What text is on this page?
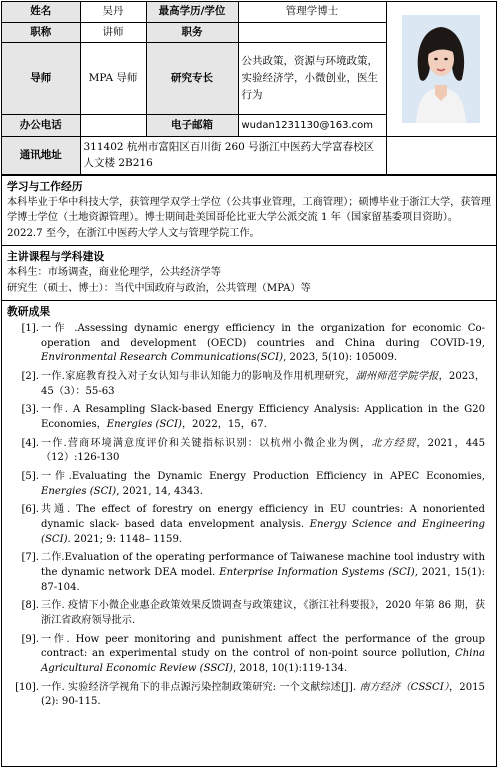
姓名	吴丹	最高学历/学位	管理学博士	

职称	讲师	职务		
导师	MPA 导师	研究专长	公共政策，资源与环境政策，实验经济学，小微创业，医生行为	
办公电话		电子邮箱	wudan1231130@163.com	
通讯地址	311402 杭州市富阳区百川街 260 号浙江中医药大学富春校区人文楼 2B216			
学习与工作经历

本科毕业于华中科技大学，获管理学双学士学位（公共事业管理，工商管理）；硕博毕业于浙江大学，获管理学博士学位（土地资源管理）。博士期间赴美国哥伦比亚大学公派交流 1 年（国家留基委项目资助）。2022.7 至今，在浙江中医药大学人文与管理学院工作。

主讲课程与学科建设

本科生：市场调查，商业伦理学，公共经济学等

研究生（硕士、博士）：当代中国政府与政治，公共管理（MPA）等

教研成果
[1]. 一作 .Assessing dynamic energy efficiency in the organization for economic Co-operation and development (OECD) countries and China during COVID-19, Environmental Research Communications(SCI), 2023, 5(10): 105009.
[2]. 一作.家庭教育投入对子女认知与非认知能力的影响及作用机理研究，湖州师范学院学报，2023，45（3）：55-63
[3]. 一作. A Resampling Slack-based Energy Efficiency Analysis: Application in the G20 Economies，Energies (SCI)，2022，15，67.
[4]. 一作.营商环境满意度评价和关键指标识别：以杭州小微企业为例，北方经贸，2021，445（12）:126-130
[5]. 一作.Evaluating the Dynamic Energy Production Efficiency in APEC Economies, Energies (SCI), 2021, 14, 4343.
[6]. 共通. The effect of forestry on energy efficiency in EU countries: A nonoriented dynamic slack- based data envelopment analysis. Energy Science and Engineering (SCI). 2021; 9: 1148– 1159.
[7]. 二作.Evaluation of the operating performance of Taiwanese machine tool industry with the dynamic network DEA model. Enterprise Information Systems (SCI), 2021, 15(1): 87-104.
[8]. 三作. 疫情下小微企业惠企政策效果反馈调查与政策建议，《浙江社科要报》，2020 年第 86 期，获浙江省政府领导批示.
[9]. 一作. How peer monitoring and punishment affect the performance of the group contract: an experimental study on the control of non-point source pollution, China Agricultural Economic Review (SSCI), 2018, 10(1):119-134.
[10]. 一作. 实验经济学视角下的非点源污染控制政策研究: 一个文献综述[J]. 南方经济（CSSCI），2015 (2): 90-115.
